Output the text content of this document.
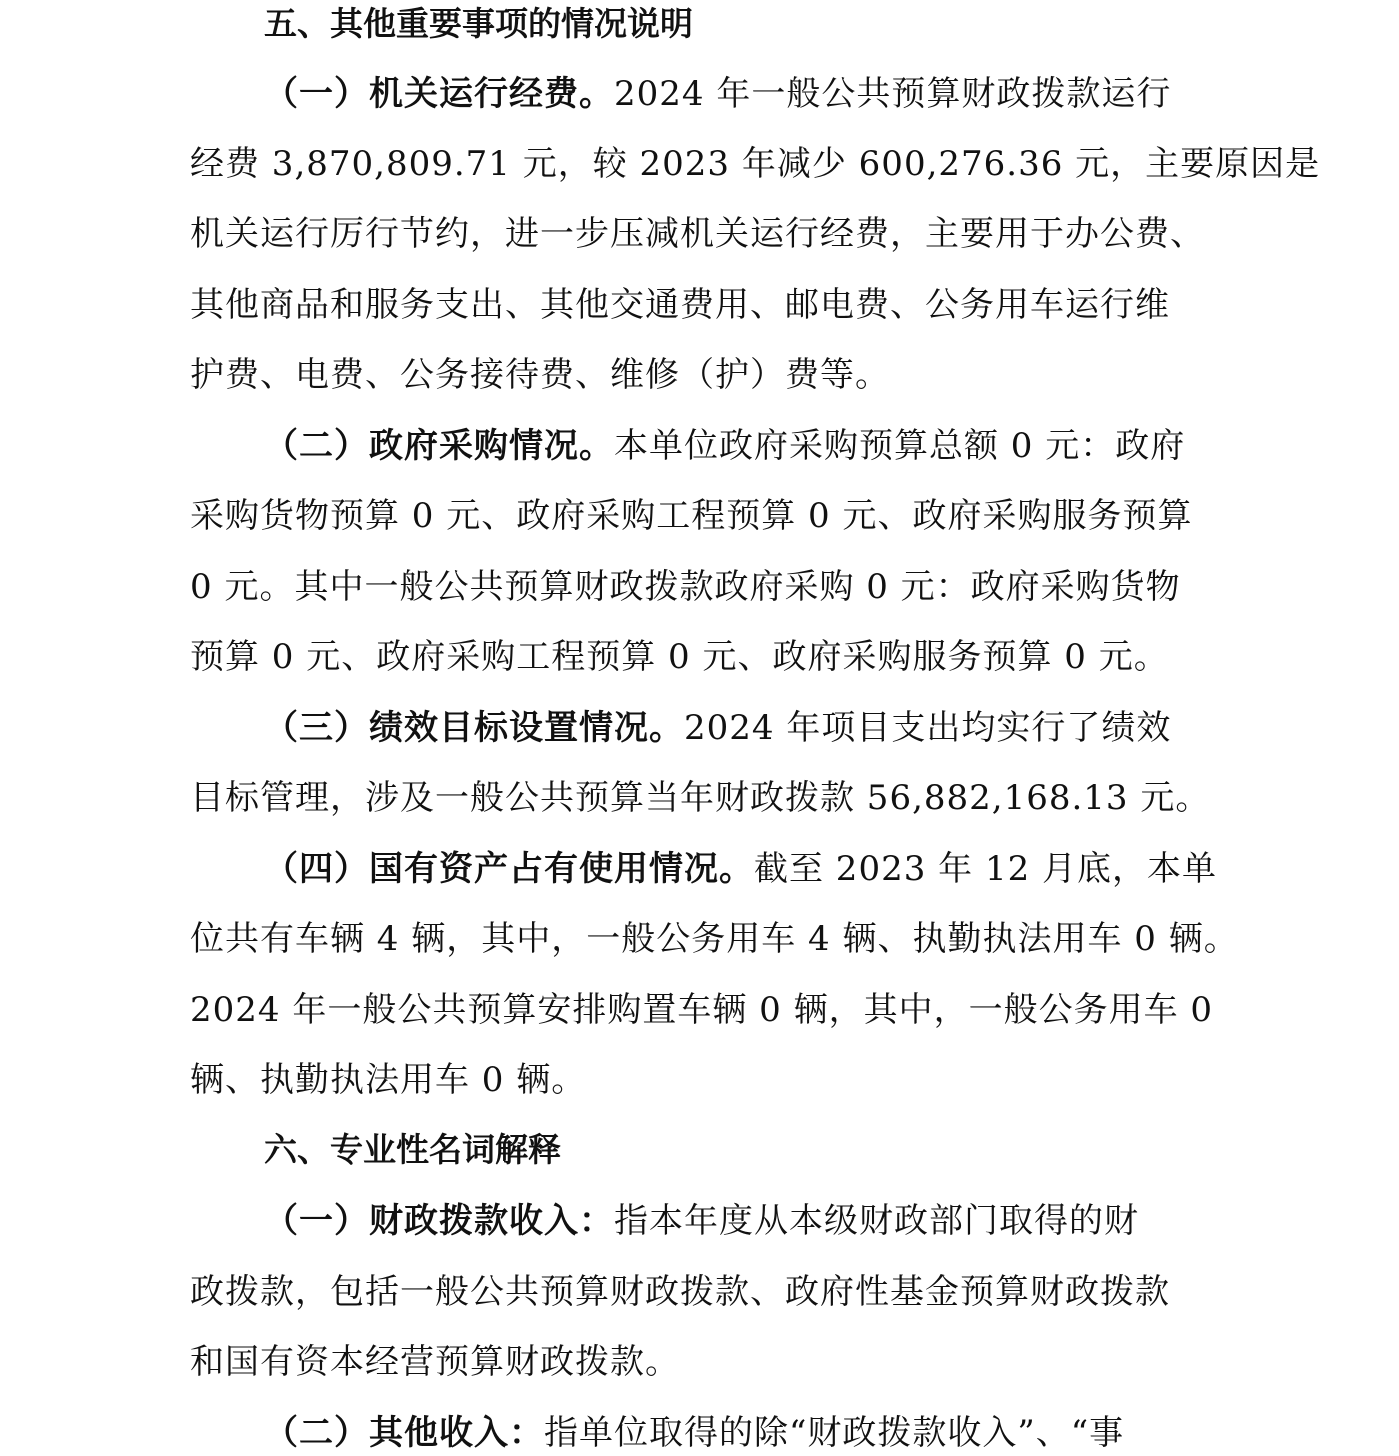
五、其他重要事项的情况说明
（一）机关运行经费。2024 年一般公共预算财政拨款运行
经费 3,870,809.71 元，较 2023 年减少 600,276.36 元，主要原因是
机关运行厉行节约，进一步压减机关运行经费，主要用于办公费、
其他商品和服务支出、其他交通费用、邮电费、公务用车运行维
护费、电费、公务接待费、维修（护）费等。
（二）政府采购情况。本单位政府采购预算总额 0 元：政府
采购货物预算 0 元、政府采购工程预算 0 元、政府采购服务预算
0 元。其中一般公共预算财政拨款政府采购 0 元：政府采购货物
预算 0 元、政府采购工程预算 0 元、政府采购服务预算 0 元。
（三）绩效目标设置情况。2024 年项目支出均实行了绩效
目标管理，涉及一般公共预算当年财政拨款 56,882,168.13 元。
（四）国有资产占有使用情况。截至 2023 年 12 月底，本单
位共有车辆 4 辆，其中，一般公务用车 4 辆、执勤执法用车 0 辆。
2024 年一般公共预算安排购置车辆 0 辆，其中，一般公务用车 0
辆、执勤执法用车 0 辆。
六、专业性名词解释
（一）财政拨款收入：指本年度从本级财政部门取得的财
政拨款，包括一般公共预算财政拨款、政府性基金预算财政拨款
和国有资本经营预算财政拨款。
（二）其他收入：指单位取得的除“财政拨款收入”、“事
